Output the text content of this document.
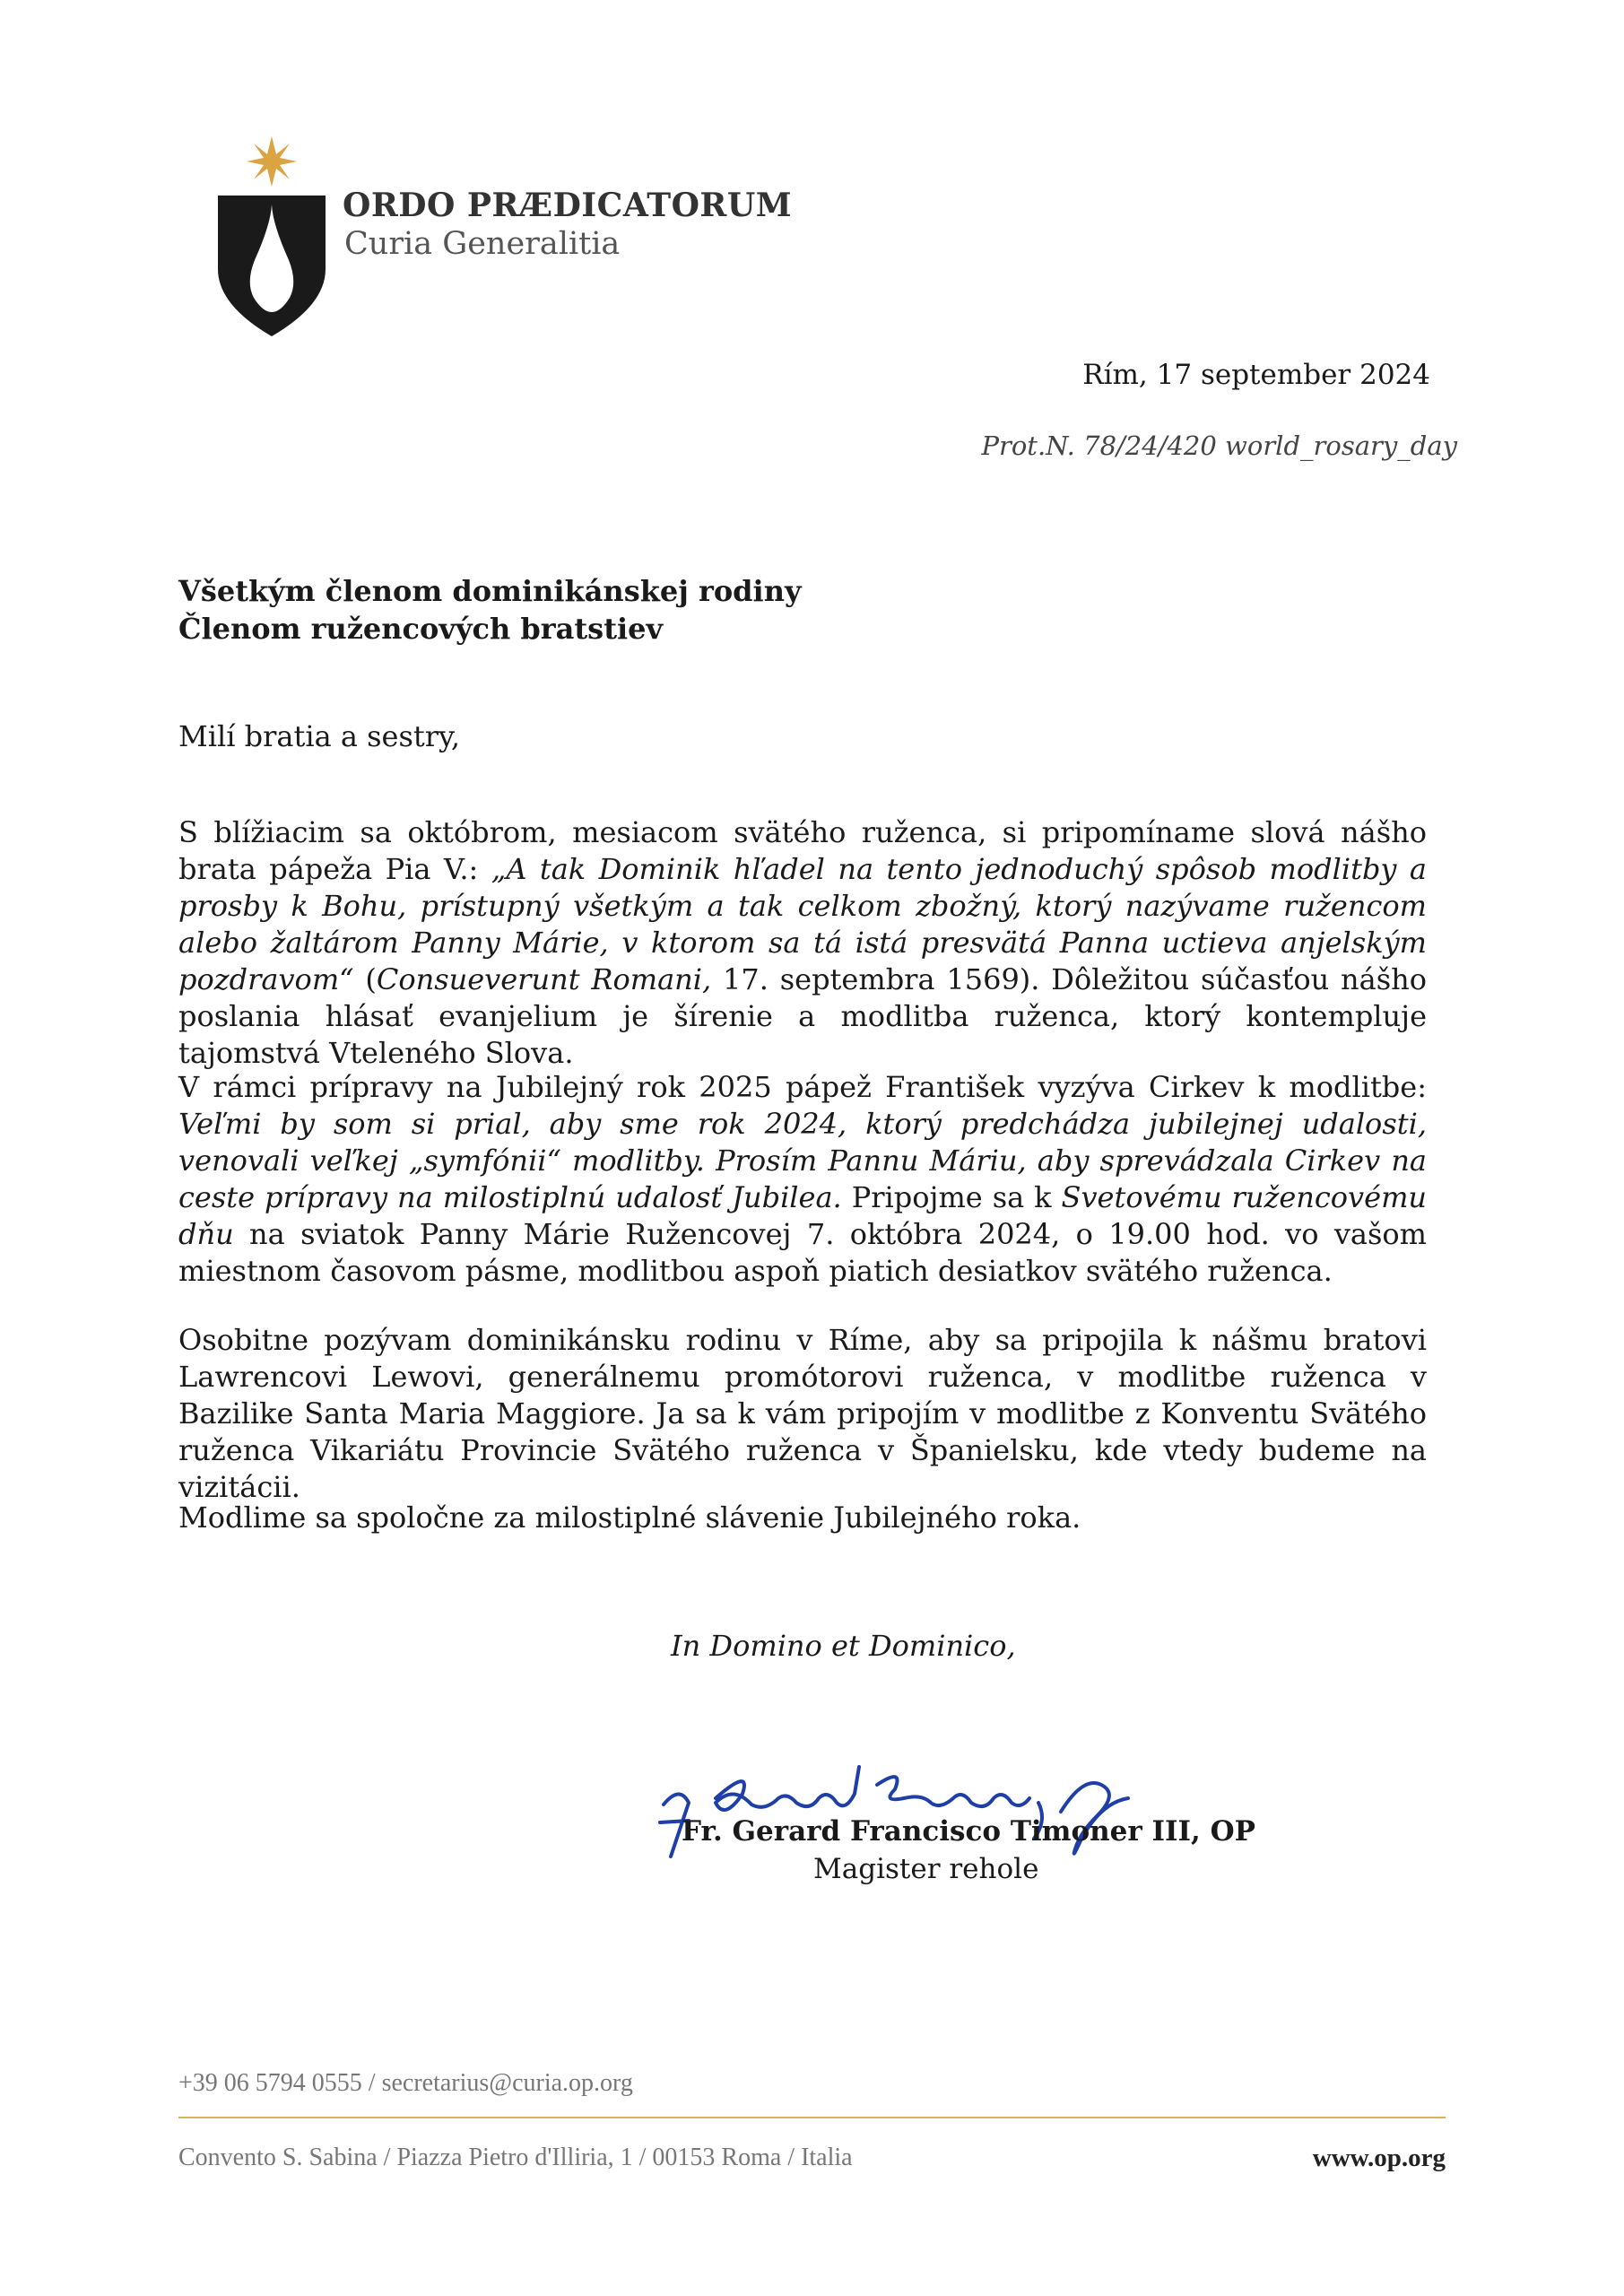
ORDO PRÆDICATORUM
Curia Generalitia
Rím, 17 september 2024
Prot.N. 78/24/420 world_rosary_day
Všetkým členom dominikánskej rodiny
Členom ružencových bratstiev
Milí bratia a sestry,
S blížiacim sa októbrom, mesiacom svätého ruženca, si pripomíname slová nášho brata pápeža Pia V.: „A tak Dominik hľadel na tento jednoduchý spôsob modlitby a prosby k Bohu, prístupný všetkým a tak celkom zbožný, ktorý nazývame ružencom alebo žaltárom Panny Márie, v ktorom sa tá istá presvätá Panna uctieva anjelským pozdravom“ (Consueverunt Romani, 17. septembra 1569). Dôležitou súčasťou nášho poslania hlásať evanjelium je šírenie a modlitba ruženca, ktorý kontempluje tajomstvá Vteleného Slova.
V rámci prípravy na Jubilejný rok 2025 pápež František vyzýva Cirkev k modlitbe: Veľmi by som si prial, aby sme rok 2024, ktorý predchádza jubilejnej udalosti, venovali veľkej „symfónii“ modlitby. Prosím Pannu Máriu, aby sprevádzala Cirkev na ceste prípravy na milostiplnú udalosť Jubilea. Pripojme sa k Svetovému ružencovému dňu na sviatok Panny Márie Ružencovej 7. októbra 2024, o 19.00 hod. vo vašom miestnom časovom pásme, modlitbou aspoň piatich desiatkov svätého ruženca.
Osobitne pozývam dominikánsku rodinu v Ríme, aby sa pripojila k nášmu bratovi Lawrencovi Lewovi, generálnemu promótorovi ruženca, v modlitbe ruženca v Bazilike Santa Maria Maggiore. Ja sa k vám pripojím v modlitbe z Konventu Svätého ruženca Vikariátu Provincie Svätého ruženca v Španielsku, kde vtedy budeme na vizitácii.
Modlime sa spoločne za milostiplné slávenie Jubilejného roka.
In Domino et Dominico,
Fr. Gerard Francisco Timoner III, OP
Magister rehole
+39 06 5794 0555 / secretarius@curia.op.org
Convento S. Sabina / Piazza Pietro d'Illiria, 1 / 00153 Roma / Italia	www.op.org
